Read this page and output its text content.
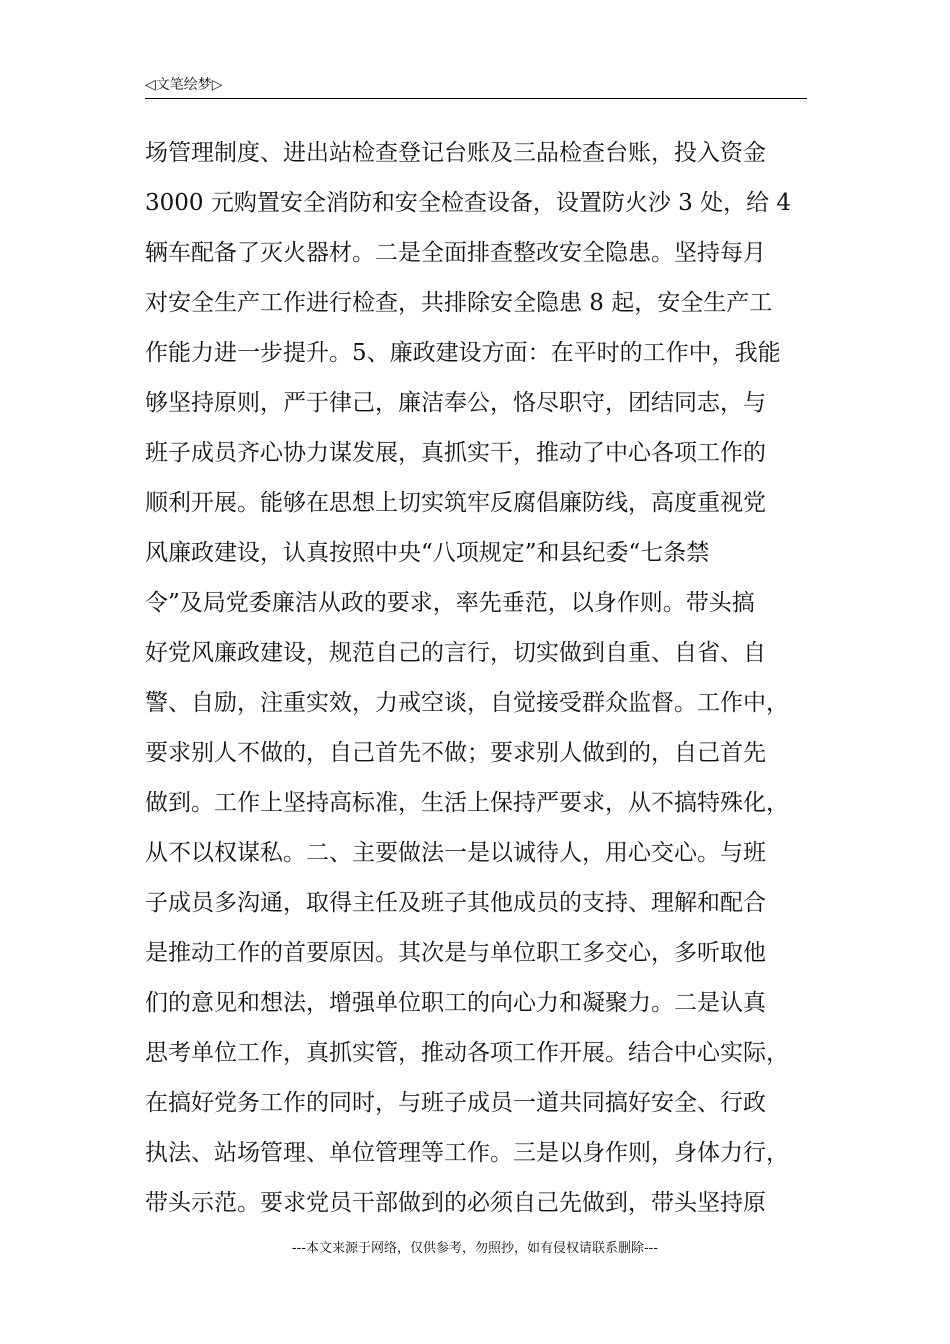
◁文笔绘梦▷
场管理制度、进出站检查登记台账及三品检查台账，投入资金
3000 元购置安全消防和安全检查设备，设置防火沙 3 处，给 4
辆车配备了灭火器材。二是全面排查整改安全隐患。坚持每月
对安全生产工作进行检查，共排除安全隐患 8 起，安全生产工
作能力进一步提升。5、廉政建设方面：在平时的工作中，我能
够坚持原则，严于律己，廉洁奉公，恪尽职守，团结同志，与
班子成员齐心协力谋发展，真抓实干，推动了中心各项工作的
顺利开展。能够在思想上切实筑牢反腐倡廉防线，高度重视党
风廉政建设，认真按照中央“八项规定”和县纪委“七条禁
令”及局党委廉洁从政的要求，率先垂范，以身作则。带头搞
好党风廉政建设，规范自己的言行，切实做到自重、自省、自
警、自励，注重实效，力戒空谈，自觉接受群众监督。工作中，
要求别人不做的，自己首先不做；要求别人做到的，自己首先
做到。工作上坚持高标准，生活上保持严要求，从不搞特殊化，
从不以权谋私。二、主要做法一是以诚待人，用心交心。与班
子成员多沟通，取得主任及班子其他成员的支持、理解和配合
是推动工作的首要原因。其次是与单位职工多交心，多听取他
们的意见和想法，增强单位职工的向心力和凝聚力。二是认真
思考单位工作，真抓实管，推动各项工作开展。结合中心实际，
在搞好党务工作的同时，与班子成员一道共同搞好安全、行政
执法、站场管理、单位管理等工作。三是以身作则，身体力行，
带头示范。要求党员干部做到的必须自己先做到，带头坚持原
---本文来源于网络，仅供参考，勿照抄，如有侵权请联系删除---
